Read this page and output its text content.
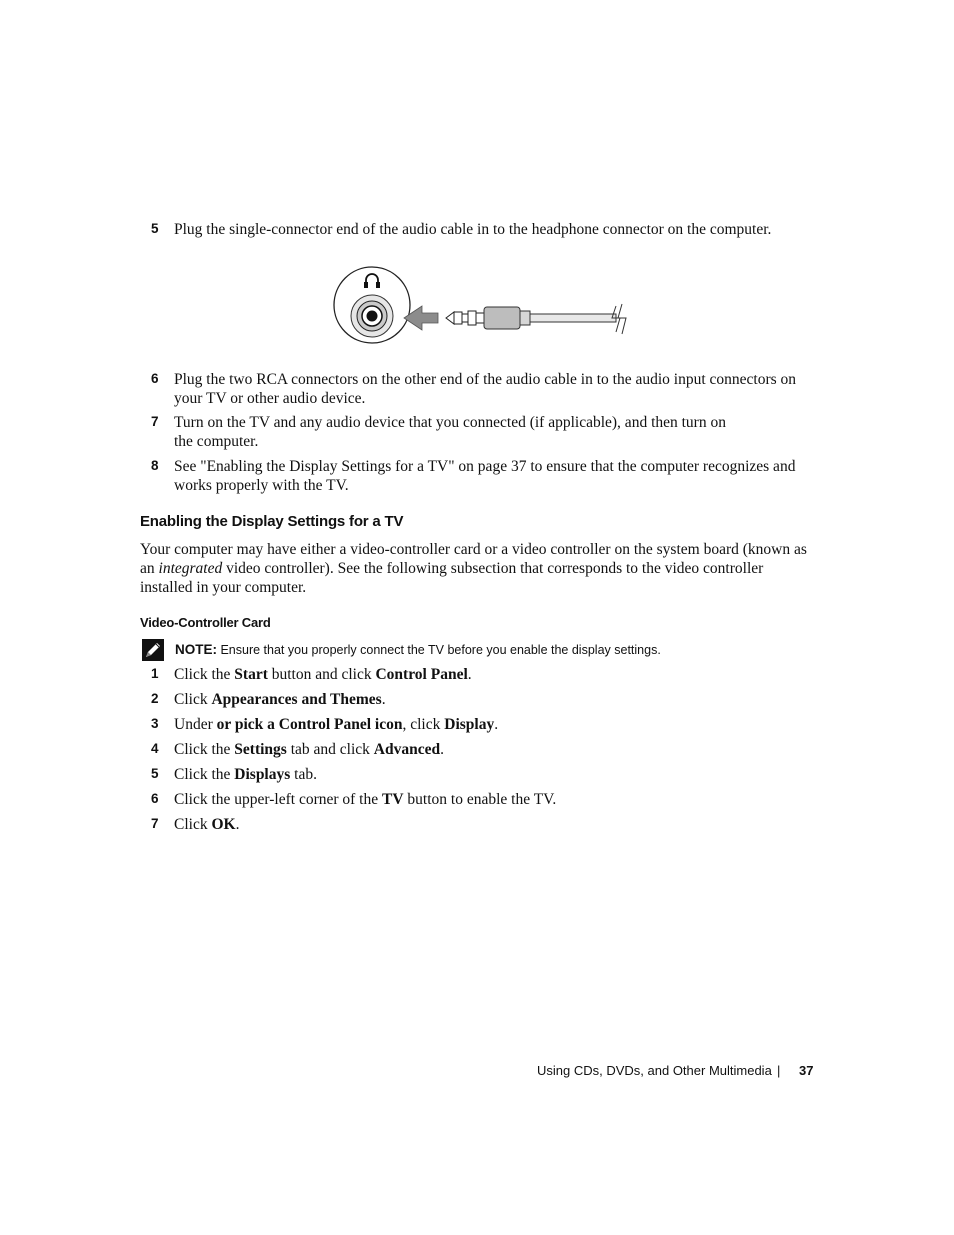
5 Plug the single-connector end of the audio cable in to the headphone connector on the computer.
6 Plug the two RCA connectors on the other end of the audio cable in to the audio input connectors on
your TV or other audio device.
7 Turn on the TV and any audio device that you connected (if applicable), and then turn on
the computer.
8 See "Enabling the Display Settings for a TV" on page 37 to ensure that the computer recognizes and
works properly with the TV.
Enabling the Display Settings for a TV
Your computer may have either a video-controller card or a video controller on the system board (known as
an integrated video controller). See the following subsection that corresponds to the video controller
installed in your computer.
Video-Controller Card
NOTE: Ensure that you properly connect the TV before you enable the display settings.
1 Click the Start button and click Control Panel.
2 Click Appearances and Themes.
3 Under or pick a Control Panel icon, click Display.
4 Click the Settings tab and click Advanced.
5 Click the Displays tab.
6 Click the upper-left corner of the TV button to enable the TV.
7 Click OK.
Using CDs, DVDs, and Other Multimedia | 37
